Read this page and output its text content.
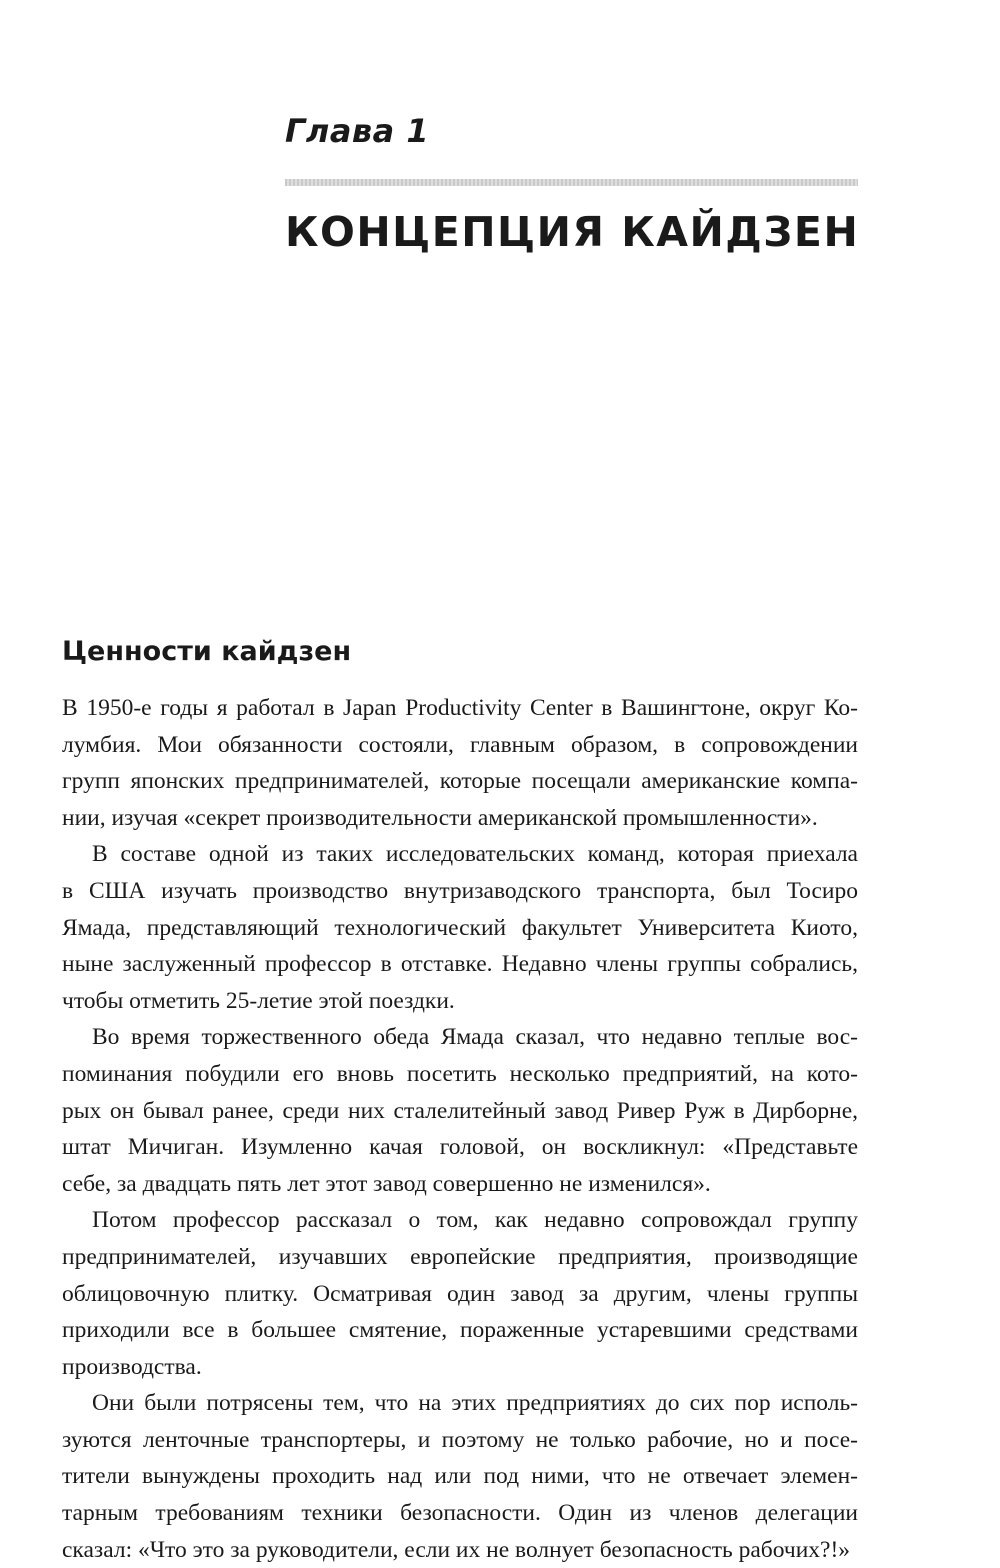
Глава 1
КОНЦЕПЦИЯ КАЙДЗЕН
Ценности кайдзен
В 1950-е годы я работал в Japan Productivity Center в Вашингтоне, округ Ко-
лумбия. Мои обязанности состояли, главным образом, в сопровождении
групп японских предпринимателей, которые посещали американские компа-
нии, изучая «секрет производительности американской промышленности».
В составе одной из таких исследовательских команд, которая приехала
в США изучать производство внутризаводского транспорта, был Тосиро
Ямада, представляющий технологический факультет Университета Киото,
ныне заслуженный профессор в отставке. Недавно члены группы собрались,
чтобы отметить 25-летие этой поездки.
Во время торжественного обеда Ямада сказал, что недавно теплые вос-
поминания побудили его вновь посетить несколько предприятий, на кото-
рых он бывал ранее, среди них сталелитейный завод Ривер Руж в Дирборне,
штат Мичиган. Изумленно качая головой, он воскликнул: «Представьте
себе, за двадцать пять лет этот завод совершенно не изменился».
Потом профессор рассказал о том, как недавно сопровождал группу
предпринимателей, изучавших европейские предприятия, производящие
облицовочную плитку. Осматривая один завод за другим, члены группы
приходили все в большее смятение, пораженные устаревшими средствами
производства.
Они были потрясены тем, что на этих предприятиях до сих пор исполь-
зуются ленточные транспортеры, и поэтому не только рабочие, но и посе-
тители вынуждены проходить над или под ними, что не отвечает элемен-
тарным требованиям техники безопасности. Один из членов делегации
сказал: «Что это за руководители, если их не волнует безопасность рабочих?!»
